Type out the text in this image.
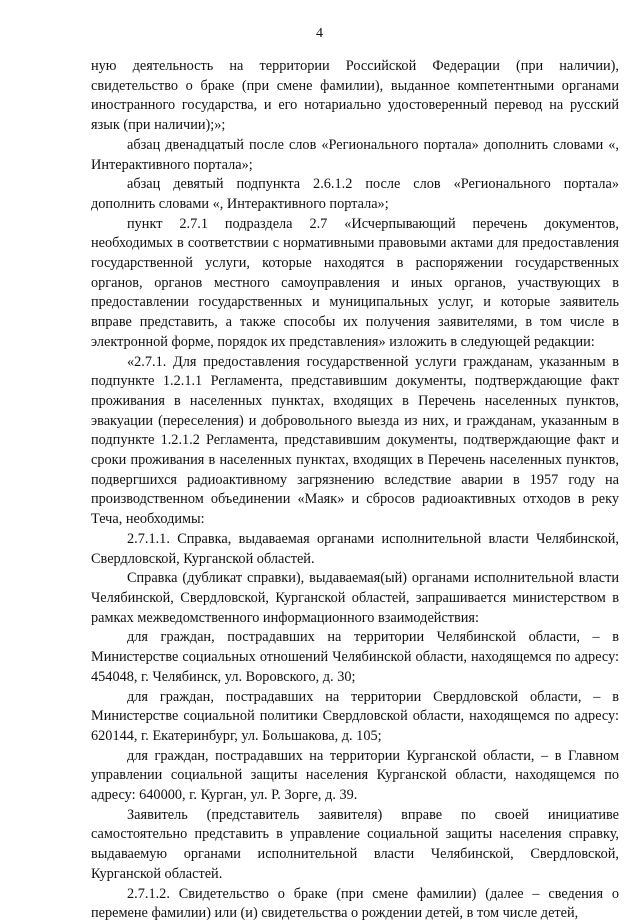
4

ную деятельность на территории Российской Федерации (при наличии), свидетельство о браке (при смене фамилии), выданное компетентными органами иностранного государства, и его нотариально удостоверенный перевод на русский язык (при наличии);»;

абзац двенадцатый после слов «Регионального портала» дополнить словами «, Интерактивного портала»;

абзац девятый подпункта 2.6.1.2 после слов «Регионального портала» дополнить словами «, Интерактивного портала»;

пункт 2.7.1 подраздела 2.7 «Исчерпывающий перечень документов, необходимых в соответствии с нормативными правовыми актами для предоставления государственной услуги, которые находятся в распоряжении государственных органов, органов местного самоуправления и иных органов, участвующих в предоставлении государственных и муниципальных услуг, и которые заявитель вправе представить, а также способы их получения заявителями, в том числе в электронной форме, порядок их представления» изложить в следующей редакции:

«2.7.1. Для предоставления государственной услуги гражданам, указанным в подпункте 1.2.1.1 Регламента, представившим документы, подтверждающие факт проживания в населенных пунктах, входящих в Перечень населенных пунктов, эвакуации (переселения) и добровольного выезда из них, и гражданам, указанным в подпункте 1.2.1.2 Регламента, представившим документы, подтверждающие факт и сроки проживания в населенных пунктах, входящих в Перечень населенных пунктов, подвергшихся радиоактивному загрязнению вследствие аварии в 1957 году на производственном объединении «Маяк» и сбросов радиоактивных отходов в реку Теча, необходимы:

2.7.1.1. Справка, выдаваемая органами исполнительной власти Челябинской, Свердловской, Курганской областей.

Справка (дубликат справки), выдаваемая(ый) органами исполнительной власти Челябинской, Свердловской, Курганской областей, запрашивается министерством в рамках межведомственного информационного взаимодействия:

для граждан, пострадавших на территории Челябинской области, – в Министерстве социальных отношений Челябинской области, находящемся по адресу: 454048, г. Челябинск, ул. Воровского, д. 30;

для граждан, пострадавших на территории Свердловской области, – в Министерстве социальной политики Свердловской области, находящемся по адресу: 620144, г. Екатеринбург, ул. Большакова, д. 105;

для граждан, пострадавших на территории Курганской области, – в Главном управлении социальной защиты населения Курганской области, находящемся по адресу: 640000, г. Курган, ул. Р. Зорге, д. 39.

Заявитель (представитель заявителя) вправе по своей инициативе самостоятельно представить в управление социальной защиты населения справку, выдаваемую органами исполнительной власти Челябинской, Свердловской, Курганской областей.

2.7.1.2. Свидетельство о браке (при смене фамилии) (далее – сведения о перемене фамилии) или (и) свидетельства о рождении детей, в том числе детей,
